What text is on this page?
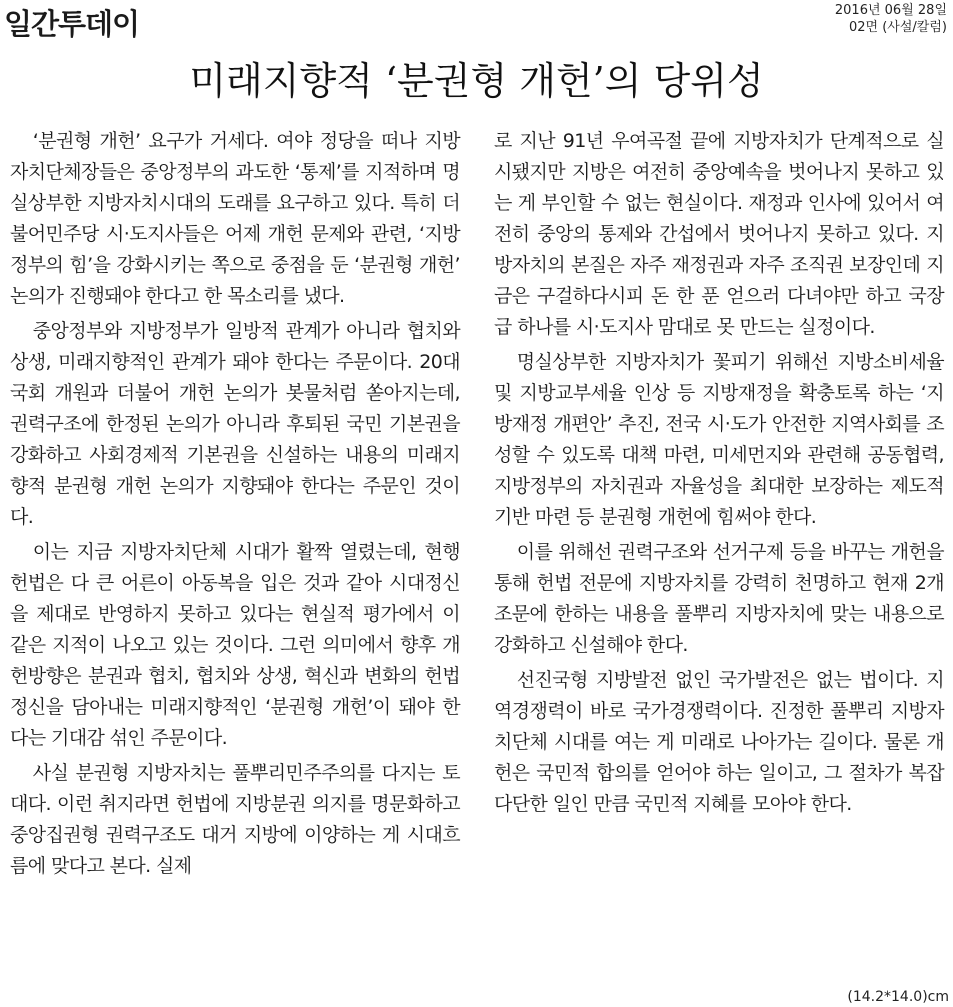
일간투데이	2016년 06월 28일
02면 (사설/칼럼)
미래지향적 ‘분권형 개헌’의 당위성

‘분권형 개헌’ 요구가 거세다. 여야 정당을 떠나 지방자치단체장들은 중앙정부의 과도한 ‘통제’를 지적하며 명실상부한 지방자치시대의 도래를 요구하고 있다. 특히 더불어민주당 시·도지사들은 어제 개헌 문제와 관련, ‘지방정부의 힘’을 강화시키는 쪽으로 중점을 둔 ‘분권형 개헌’ 논의가 진행돼야 한다고 한 목소리를 냈다.

중앙정부와 지방정부가 일방적 관계가 아니라 협치와 상생, 미래지향적인 관계가 돼야 한다는 주문이다. 20대 국회 개원과 더불어 개헌 논의가 봇물처럼 쏟아지는데, 권력구조에 한정된 논의가 아니라 후퇴된 국민 기본권을 강화하고 사회경제적 기본권을 신설하는 내용의 미래지향적 분권형 개헌 논의가 지향돼야 한다는 주문인 것이다.

이는 지금 지방자치단체 시대가 활짝 열렸는데, 현행 헌법은 다 큰 어른이 아동복을 입은 것과 같아 시대정신을 제대로 반영하지 못하고 있다는 현실적 평가에서 이 같은 지적이 나오고 있는 것이다. 그런 의미에서 향후 개헌방향은 분권과 협치, 협치와 상생, 혁신과 변화의 헌법정신을 담아내는 미래지향적인 ‘분권형 개헌’이 돼야 한다는 기대감 섞인 주문이다.

사실 분권형 지방자치는 풀뿌리민주주의를 다지는 토대다. 이런 취지라면 헌법에 지방분권 의지를 명문화하고 중앙집권형 권력구조도 대거 지방에 이양하는 게 시대흐름에 맞다고 본다. 실제

로 지난 91년 우여곡절 끝에 지방자치가 단계적으로 실시됐지만 지방은 여전히 중앙예속을 벗어나지 못하고 있는 게 부인할 수 없는 현실이다. 재정과 인사에 있어서 여전히 중앙의 통제와 간섭에서 벗어나지 못하고 있다. 지방자치의 본질은 자주 재정권과 자주 조직권 보장인데 지금은 구걸하다시피 돈 한 푼 얻으러 다녀야만 하고 국장급 하나를 시·도지사 맘대로 못 만드는 실정이다.

명실상부한 지방자치가 꽃피기 위해선 지방소비세율 및 지방교부세율 인상 등 지방재정을 확충토록 하는 ‘지방재정 개편안’ 추진, 전국 시·도가 안전한 지역사회를 조성할 수 있도록 대책 마련, 미세먼지와 관련해 공동협력, 지방정부의 자치권과 자율성을 최대한 보장하는 제도적 기반 마련 등 분권형 개헌에 힘써야 한다.

이를 위해선 권력구조와 선거구제 등을 바꾸는 개헌을 통해 헌법 전문에 지방자치를 강력히 천명하고 현재 2개 조문에 한하는 내용을 풀뿌리 지방자치에 맞는 내용으로 강화하고 신설해야 한다.

선진국형 지방발전 없인 국가발전은 없는 법이다. 지역경쟁력이 바로 국가경쟁력이다. 진정한 풀뿌리 지방자치단체 시대를 여는 게 미래로 나아가는 길이다. 물론 개헌은 국민적 합의를 얻어야 하는 일이고, 그 절차가 복잡다단한 일인 만큼 국민적 지혜를 모아야 한다.

(14.2*14.0)cm
